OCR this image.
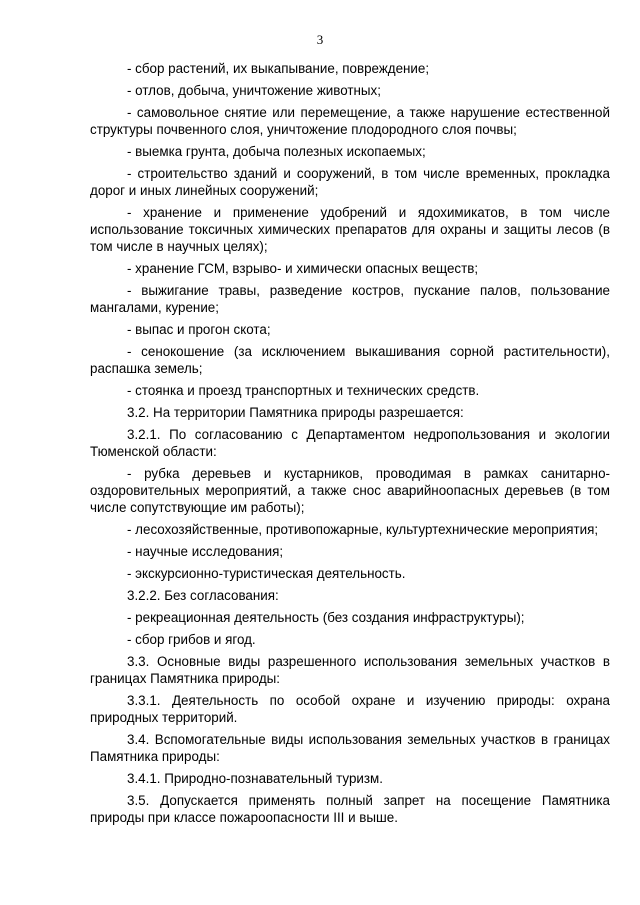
3

- сбор растений, их выкапывание, повреждение;

- отлов, добыча, уничтожение животных;

- самовольное снятие или перемещение, а также нарушение естественной структуры почвенного слоя, уничтожение плодородного слоя почвы;

- выемка грунта, добыча полезных ископаемых;

- строительство зданий и сооружений, в том числе временных, прокладка дорог и иных линейных сооружений;

- хранение и применение удобрений и ядохимикатов, в том числе использование токсичных химических препаратов для охраны и защиты лесов (в том числе в научных целях);

- хранение ГСМ, взрыво- и химически опасных веществ;

- выжигание травы, разведение костров, пускание палов, пользование мангалами, курение;

- выпас и прогон скота;

- сенокошение (за исключением выкашивания сорной растительности), распашка земель;

- стоянка и проезд транспортных и технических средств.

3.2. На территории Памятника природы разрешается:

3.2.1. По согласованию с Департаментом недропользования и экологии Тюменской области:

- рубка деревьев и кустарников, проводимая в рамках санитарно-оздоровительных мероприятий, а также снос аварийноопасных деревьев (в том числе сопутствующие им работы);

- лесохозяйственные, противопожарные, культуртехнические мероприятия;

- научные исследования;

- экскурсионно-туристическая деятельность.

3.2.2. Без согласования:

- рекреационная деятельность (без создания инфраструктуры);

- сбор грибов и ягод.

3.3. Основные виды разрешенного использования земельных участков в границах Памятника природы:

3.3.1. Деятельность по особой охране и изучению природы: охрана природных территорий.

3.4. Вспомогательные виды использования земельных участков в границах Памятника природы:

3.4.1. Природно-познавательный туризм.

3.5. Допускается применять полный запрет на посещение Памятника природы при классе пожароопасности III и выше.
